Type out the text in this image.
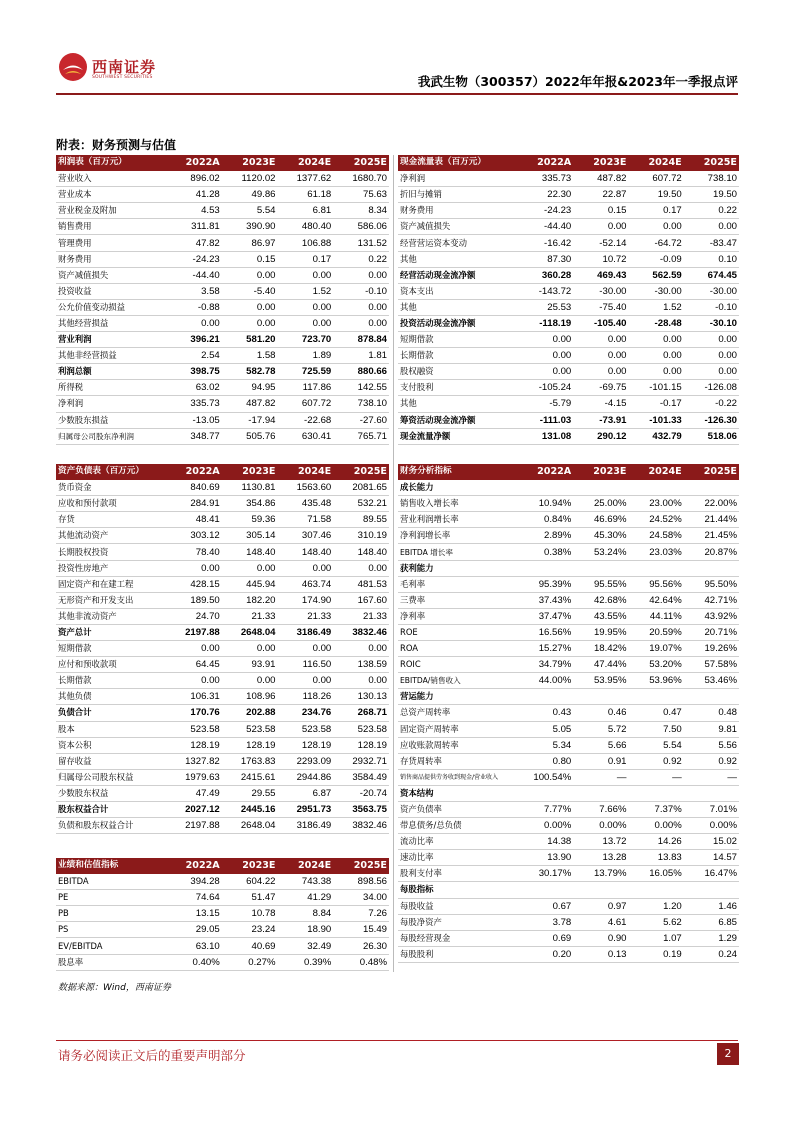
西南证券
SOUTHWEST SECURITIES	我武生物（300357）2022年年报&2023年一季报点评
附表：财务预测与估值
利润表（百万元）	2022A	2023E	2024E	2025E
营业收入	896.02	1120.02	1377.62	1680.70
营业成本	41.28	49.86	61.18	75.63
营业税金及附加	4.53	5.54	6.81	8.34
销售费用	311.81	390.90	480.40	586.06
管理费用	47.82	86.97	106.88	131.52
财务费用	-24.23	0.15	0.17	0.22
资产减值损失	-44.40	0.00	0.00	0.00
投资收益	3.58	-5.40	1.52	-0.10
公允价值变动损益	-0.88	0.00	0.00	0.00
其他经营损益	0.00	0.00	0.00	0.00
营业利润	396.21	581.20	723.70	878.84
其他非经营损益	2.54	1.58	1.89	1.81
利润总额	398.75	582.78	725.59	880.66
所得税	63.02	94.95	117.86	142.55
净利润	335.73	487.82	607.72	738.10
少数股东损益	-13.05	-17.94	-22.68	-27.60
归属母公司股东净利润	348.77	505.76	630.41	765.71
现金流量表（百万元）	2022A	2023E	2024E	2025E
净利润	335.73	487.82	607.72	738.10
折旧与摊销	22.30	22.87	19.50	19.50
财务费用	-24.23	0.15	0.17	0.22
资产减值损失	-44.40	0.00	0.00	0.00
经营营运资本变动	-16.42	-52.14	-64.72	-83.47
其他	87.30	10.72	-0.09	0.10
经营活动现金流净额	360.28	469.43	562.59	674.45
资本支出	-143.72	-30.00	-30.00	-30.00
其他	25.53	-75.40	1.52	-0.10
投资活动现金流净额	-118.19	-105.40	-28.48	-30.10
短期借款	0.00	0.00	0.00	0.00
长期借款	0.00	0.00	0.00	0.00
股权融资	0.00	0.00	0.00	0.00
支付股利	-105.24	-69.75	-101.15	-126.08
其他	-5.79	-4.15	-0.17	-0.22
筹资活动现金流净额	-111.03	-73.91	-101.33	-126.30
现金流量净额	131.08	290.12	432.79	518.06
资产负债表（百万元）	2022A	2023E	2024E	2025E
货币资金	840.69	1130.81	1563.60	2081.65
应收和预付款项	284.91	354.86	435.48	532.21
存货	48.41	59.36	71.58	89.55
其他流动资产	303.12	305.14	307.46	310.19
长期股权投资	78.40	148.40	148.40	148.40
投资性房地产	0.00	0.00	0.00	0.00
固定资产和在建工程	428.15	445.94	463.74	481.53
无形资产和开发支出	189.50	182.20	174.90	167.60
其他非流动资产	24.70	21.33	21.33	21.33
资产总计	2197.88	2648.04	3186.49	3832.46
短期借款	0.00	0.00	0.00	0.00
应付和预收款项	64.45	93.91	116.50	138.59
长期借款	0.00	0.00	0.00	0.00
其他负债	106.31	108.96	118.26	130.13
负债合计	170.76	202.88	234.76	268.71
股本	523.58	523.58	523.58	523.58
资本公积	128.19	128.19	128.19	128.19
留存收益	1327.82	1763.83	2293.09	2932.71
归属母公司股东权益	1979.63	2415.61	2944.86	3584.49
少数股东权益	47.49	29.55	6.87	-20.74
股东权益合计	2027.12	2445.16	2951.73	3563.75
负债和股东权益合计	2197.88	2648.04	3186.49	3832.46
财务分析指标	2022A	2023E	2024E	2025E
成长能力				
销售收入增长率	10.94%	25.00%	23.00%	22.00%
营业利润增长率	0.84%	46.69%	24.52%	21.44%
净利润增长率	2.89%	45.30%	24.58%	21.45%
EBITDA 增长率	0.38%	53.24%	23.03%	20.87%
获利能力				
毛利率	95.39%	95.55%	95.56%	95.50%
三费率	37.43%	42.68%	42.64%	42.71%
净利率	37.47%	43.55%	44.11%	43.92%
ROE	16.56%	19.95%	20.59%	20.71%
ROA	15.27%	18.42%	19.07%	19.26%
ROIC	34.79%	47.44%	53.20%	57.58%
EBITDA/销售收入	44.00%	53.95%	53.96%	53.46%
营运能力				
总资产周转率	0.43	0.46	0.47	0.48
固定资产周转率	5.05	5.72	7.50	9.81
应收账款周转率	5.34	5.66	5.54	5.56
存货周转率	0.80	0.91	0.92	0.92
销售商品提供劳务收到现金/营业收入	100.54%	—	—	—
资本结构				
资产负债率	7.77%	7.66%	7.37%	7.01%
带息债务/总负债	0.00%	0.00%	0.00%	0.00%
流动比率	14.38	13.72	14.26	15.02
速动比率	13.90	13.28	13.83	14.57
股利支付率	30.17%	13.79%	16.05%	16.47%
每股指标				
每股收益	0.67	0.97	1.20	1.46
每股净资产	3.78	4.61	5.62	6.85
每股经营现金	0.69	0.90	1.07	1.29
每股股利	0.20	0.13	0.19	0.24
业绩和估值指标	2022A	2023E	2024E	2025E
EBITDA	394.28	604.22	743.38	898.56
PE	74.64	51.47	41.29	34.00
PB	13.15	10.78	8.84	7.26
PS	29.05	23.24	18.90	15.49
EV/EBITDA	63.10	40.69	32.49	26.30
股息率	0.40%	0.27%	0.39%	0.48%
数据来源：Wind，西南证券
请务必阅读正文后的重要声明部分	2
